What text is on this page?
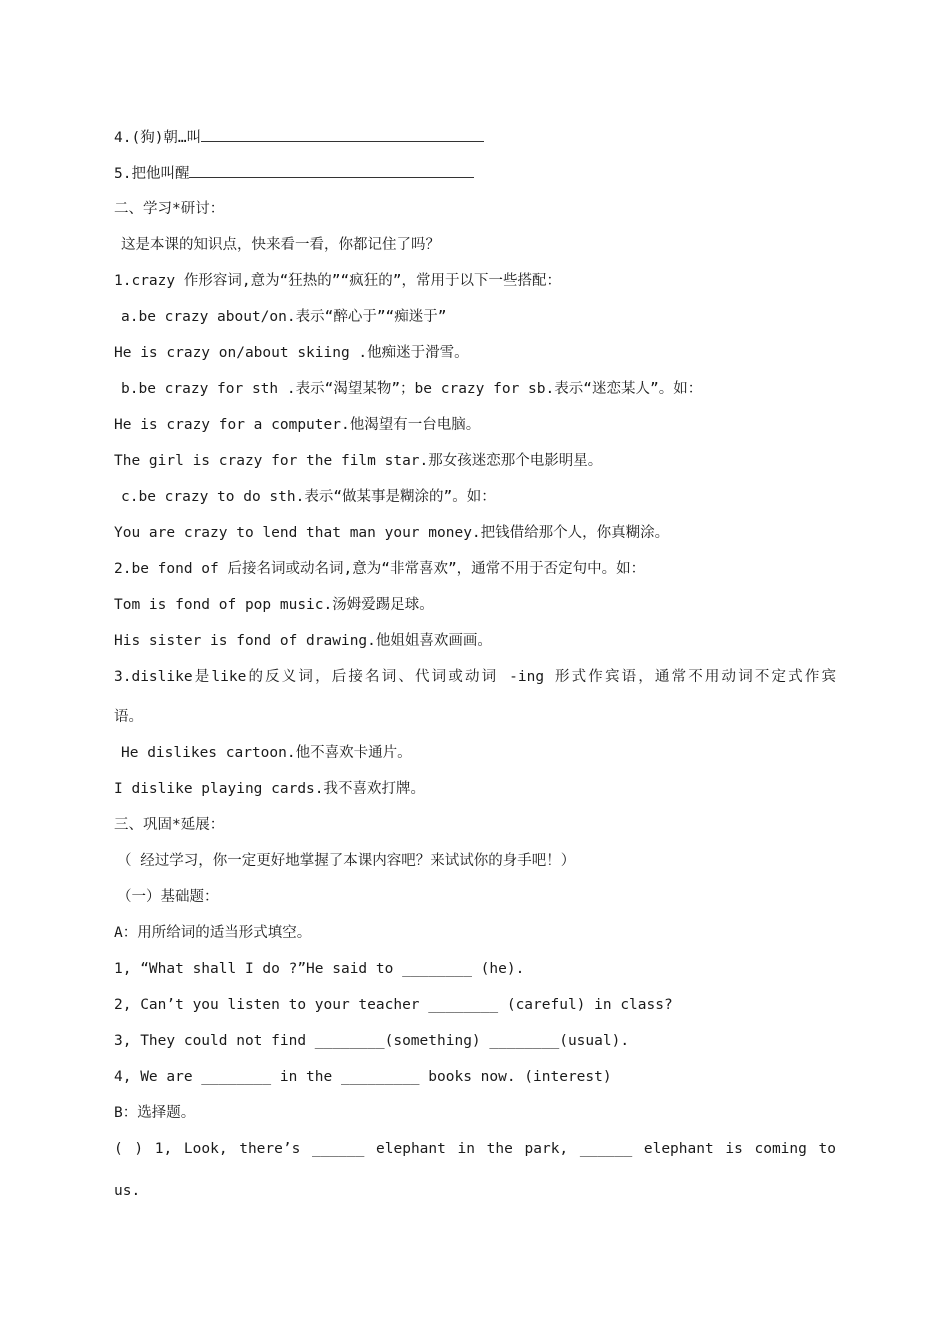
4.(狗)朝…叫
5.把他叫醒
二、学习*研讨：
这是本课的知识点，快来看一看，你都记住了吗？
1.crazy 作形容词,意为“狂热的”“疯狂的”，常用于以下一些搭配：
a.be crazy about/on.表示“醉心于”“痴迷于”
He is crazy on/about skiing .他痴迷于滑雪。
b.be crazy for sth .表示“渴望某物”；be crazy for sb.表示“迷恋某人”。如：
He is crazy for a computer.他渴望有一台电脑。
The girl is crazy for the film star.那女孩迷恋那个电影明星。
c.be crazy to do sth.表示“做某事是糊涂的”。如：
You are crazy to lend that man your money.把钱借给那个人，你真糊涂。
2.be fond of 后接名词或动名词,意为“非常喜欢”，通常不用于否定句中。如：
Tom is fond of pop music.汤姆爱踢足球。
His sister is fond of drawing.他姐姐喜欢画画。
3.dislike是like的反义词，后接名词、代词或动词 -ing 形式作宾语，通常不用动词不定式作宾
语。
He dislikes cartoon.他不喜欢卡通片。
I dislike playing cards.我不喜欢打牌。
三、巩固*延展：
（ 经过学习，你一定更好地掌握了本课内容吧？来试试你的身手吧！）
（一）基础题：
A：用所给词的适当形式填空。
1, “What shall I do ?”He said to ________ (he).
2, Can’t you listen to your teacher ________ (careful) in class?
3, They could not find ________(something) ________(usual).
4, We are ________ in the _________ books now. (interest)
B：选择题。
( ) 1, Look, there’s ______ elephant in the park, ______ elephant is coming to
us.
